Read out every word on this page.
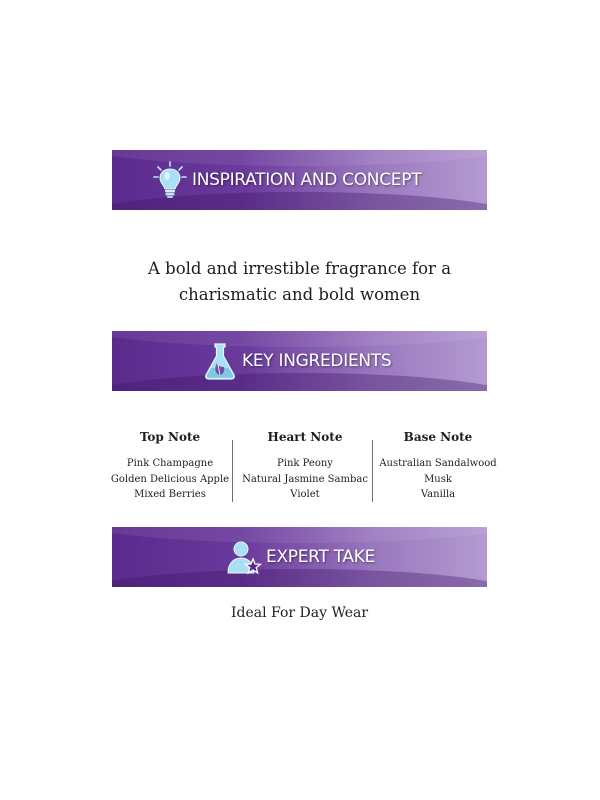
INSPIRATION AND CONCEPT

A bold and irrestible fragrance for a charismatic and bold women

KEY INGREDIENTS
Top Note
Pink Champagne
Golden Delicious Apple
Mixed Berries
Heart Note
Pink Peony
Natural Jasmine Sambac
Violet
Base Note
Australian Sandalwood
Musk
Vanilla
EXPERT TAKE

Ideal For Day Wear
